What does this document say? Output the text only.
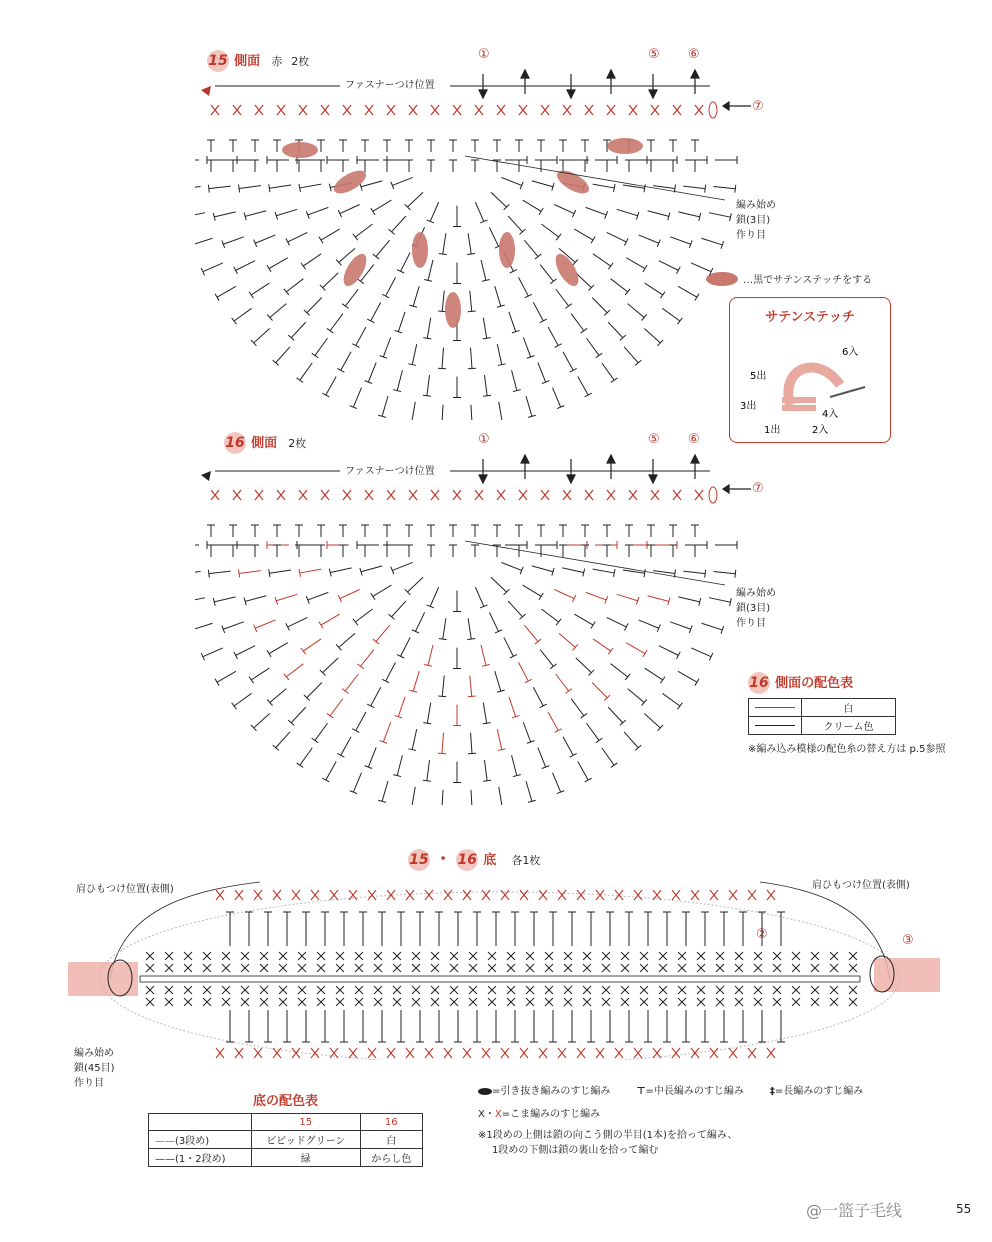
15 側面 赤 2枚
ファスナーつけ位置
①	⑤ ⑥
⑦
編み始め
鎖(3目)
作り目
…黒でサテンステッチをする
サテンステッチ
6入
5出
3出
4入
1出	2入
16 側面 2枚
ファスナーつけ位置
①	⑤ ⑥
⑦
編み始め
鎖(3目)
作り目
16 側面の配色表
	白

	クリーム色
※編み込み模様の配色糸の替え方は p.5参照
15 ・ 16 底 各1枚
肩ひもつけ位置(表側)	肩ひもつけ位置(表側)
編み始め
鎖(45目)
作り目
②	③
底の配色表
	15	16
——(3段め)	ビビッドグリーン	白
——(1・2段め)	緑	からし色
=引き抜き編みのすじ編み	⊤=中長編みのすじ編み	‡=長編みのすじ編み
X・X=こま編みのすじ編み
※1段めの上側は鎖の向こう側の半目(1本)を拾って編み、
1段めの下側は鎖の裏山を拾って編む
55
@一篮子毛线
